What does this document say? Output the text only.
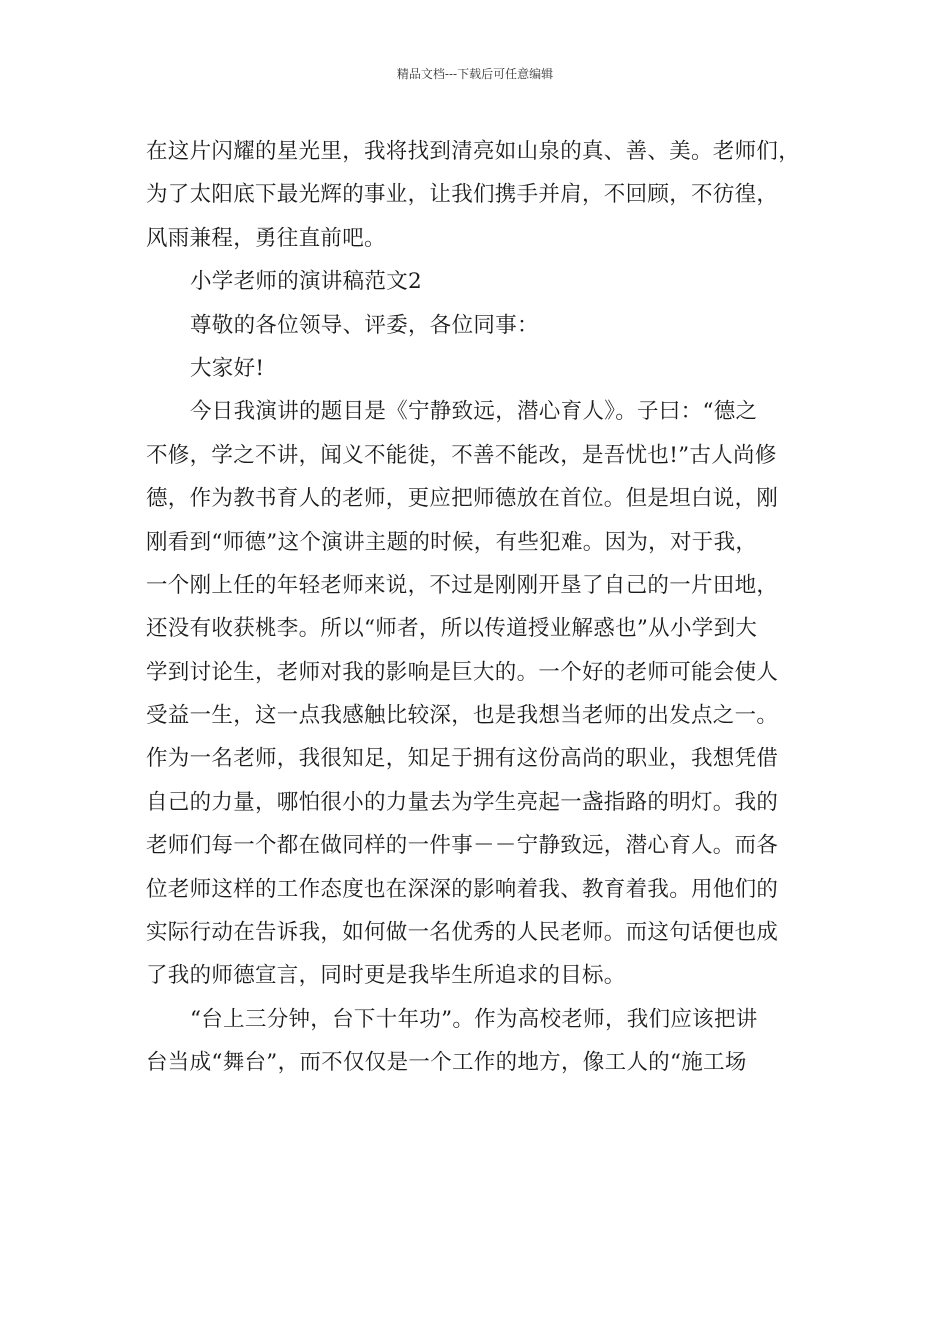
精品文档---下载后可任意编辑
在这片闪耀的星光里，我将找到清亮如山泉的真、善、美。老师们，
为了太阳底下最光辉的事业，让我们携手并肩，不回顾，不彷徨，
风雨兼程，勇往直前吧。
小学老师的演讲稿范文2
尊敬的各位领导、评委，各位同事：
大家好!
今日我演讲的题目是《宁静致远，潜心育人》。子曰：“德之
不修，学之不讲，闻义不能徙，不善不能改，是吾忧也!”古人尚修
德，作为教书育人的老师，更应把师德放在首位。但是坦白说，刚
刚看到“师德”这个演讲主题的时候，有些犯难。因为，对于我，
一个刚上任的年轻老师来说，不过是刚刚开垦了自己的一片田地，
还没有收获桃李。所以“师者，所以传道授业解惑也”从小学到大
学到讨论生，老师对我的影响是巨大的。一个好的老师可能会使人
受益一生，这一点我感触比较深，也是我想当老师的出发点之一。
作为一名老师，我很知足，知足于拥有这份高尚的职业，我想凭借
自己的力量，哪怕很小的力量去为学生亮起一盏指路的明灯。我的
老师们每一个都在做同样的一件事－－宁静致远，潜心育人。而各
位老师这样的工作态度也在深深的影响着我、教育着我。用他们的
实际行动在告诉我，如何做一名优秀的人民老师。而这句话便也成
了我的师德宣言，同时更是我毕生所追求的目标。
“台上三分钟，台下十年功”。作为高校老师，我们应该把讲
台当成“舞台”，而不仅仅是一个工作的地方，像工人的“施工场
